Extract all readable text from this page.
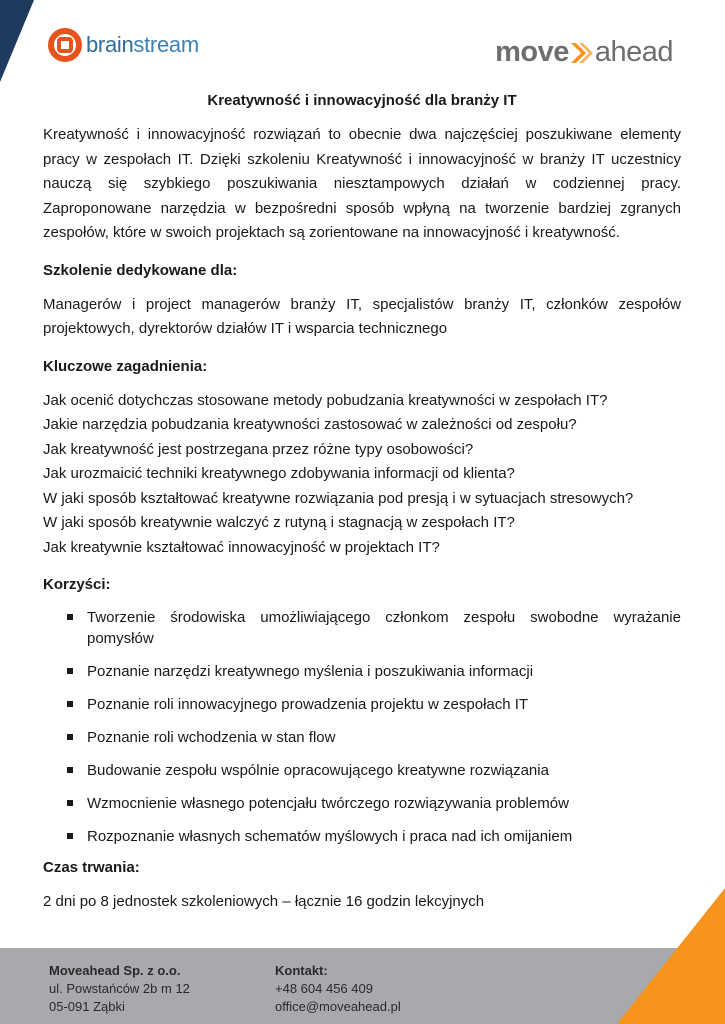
brainstream	move ahead
Kreatywność i innowacyjność dla branży IT

Kreatywność i innowacyjność rozwiązań to obecnie dwa najczęściej poszukiwane elementy pracy w zespołach IT. Dzięki szkoleniu Kreatywność i innowacyjność w branży IT uczestnicy nauczą się szybkiego poszukiwania niesztampowych działań w codziennej pracy. Zaproponowane narzędzia w bezpośredni sposób wpłyną na tworzenie bardziej zgranych zespołów, które w swoich projektach są zorientowane na innowacyjność i kreatywność.

Szkolenie dedykowane dla:

Managerów i project managerów branży IT, specjalistów branży IT, członków zespołów projektowych, dyrektorów działów IT i wsparcia technicznego

Kluczowe zagadnienia:
Jak ocenić dotychczas stosowane metody pobudzania kreatywności w zespołach IT?
Jakie narzędzia pobudzania kreatywności zastosować w zależności od zespołu?
Jak kreatywność jest postrzegana przez różne typy osobowości?
Jak urozmaicić techniki kreatywnego zdobywania informacji od klienta?
W jaki sposób kształtować kreatywne rozwiązania pod presją i w sytuacjach stresowych?
W jaki sposób kreatywnie walczyć z rutyną i stagnacją w zespołach IT?
Jak kreatywnie kształtować innowacyjność w projektach IT?
Korzyści:
Tworzenie środowiska umożliwiającego członkom zespołu swobodne wyrażanie pomysłów
Poznanie narzędzi kreatywnego myślenia i poszukiwania informacji
Poznanie roli innowacyjnego prowadzenia projektu w zespołach IT
Poznanie roli wchodzenia w stan flow
Budowanie zespołu wspólnie opracowującego kreatywne rozwiązania
Wzmocnienie własnego potencjału twórczego rozwiązywania problemów
Rozpoznanie własnych schematów myślowych i praca nad ich omijaniem
Czas trwania:

2 dni po 8 jednostek szkoleniowych – łącznie 16 godzin lekcyjnych

Moveahead Sp. z o.o.
ul. Powstańców 2b m 12
05-091 Ząbki
Kontakt:
+48 604 456 409
office@moveahead.pl
